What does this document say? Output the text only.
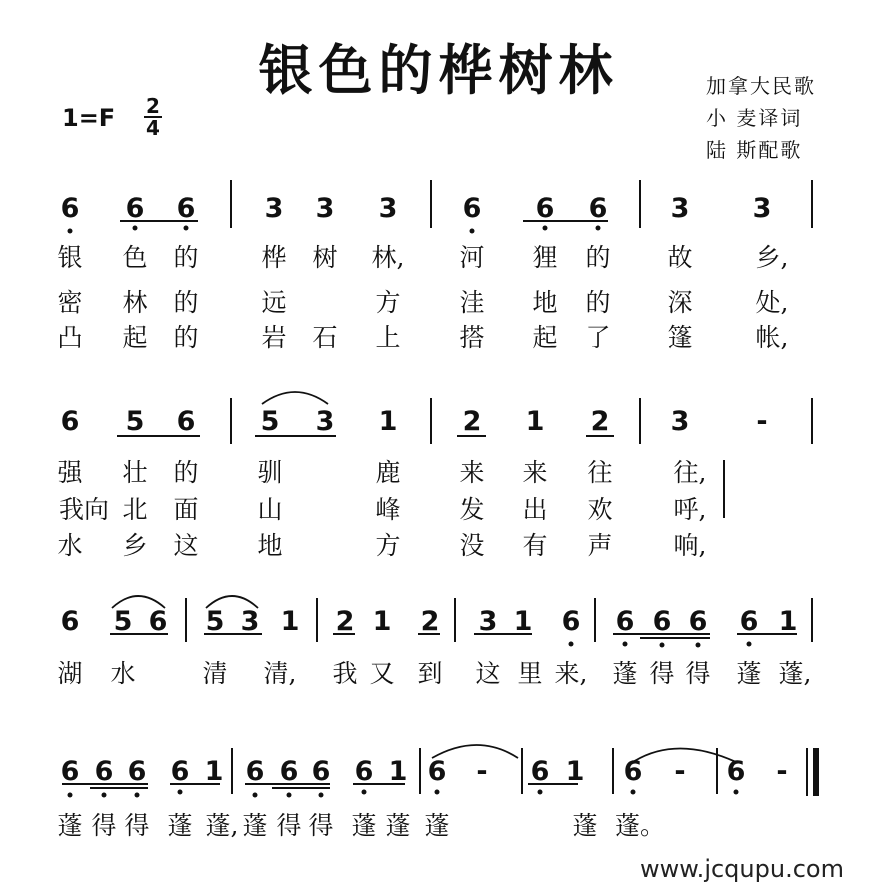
银色的桦树林
1=F 2
4
加拿大民歌
小 麦译词
陆 斯配歌
6 6 6	3 3 3 6 6 6 3 3
6 5 6 5 3 1 2 1 2 3 -
6 5 6 5 3 1 2 1 2 3 1 6 6 6 6 6 1
6 6 6 6 1 6 6 6 6 1 6 - 6 1 6 - 6 -
银 色 的	桦 树 林, 河 狸 的 故	乡,
密 林 的	远	方 洼 地 的 深	处,
凸 起 的	岩 石 上 搭 起 了 篷	帐,
强 壮 的 驯	鹿 来 来 往 往,
我向 北 面 山	峰 发 出 欢 呼,
水 乡 这 地	方 没 有 声 响,
湖 水	清 清, 我 又 到 这 里 来, 蓬 得 得 蓬 蓬,
蓬 得 得 蓬 蓬, 蓬 得 得 蓬 蓬 蓬	蓬 蓬。
www.jcqupu.com
